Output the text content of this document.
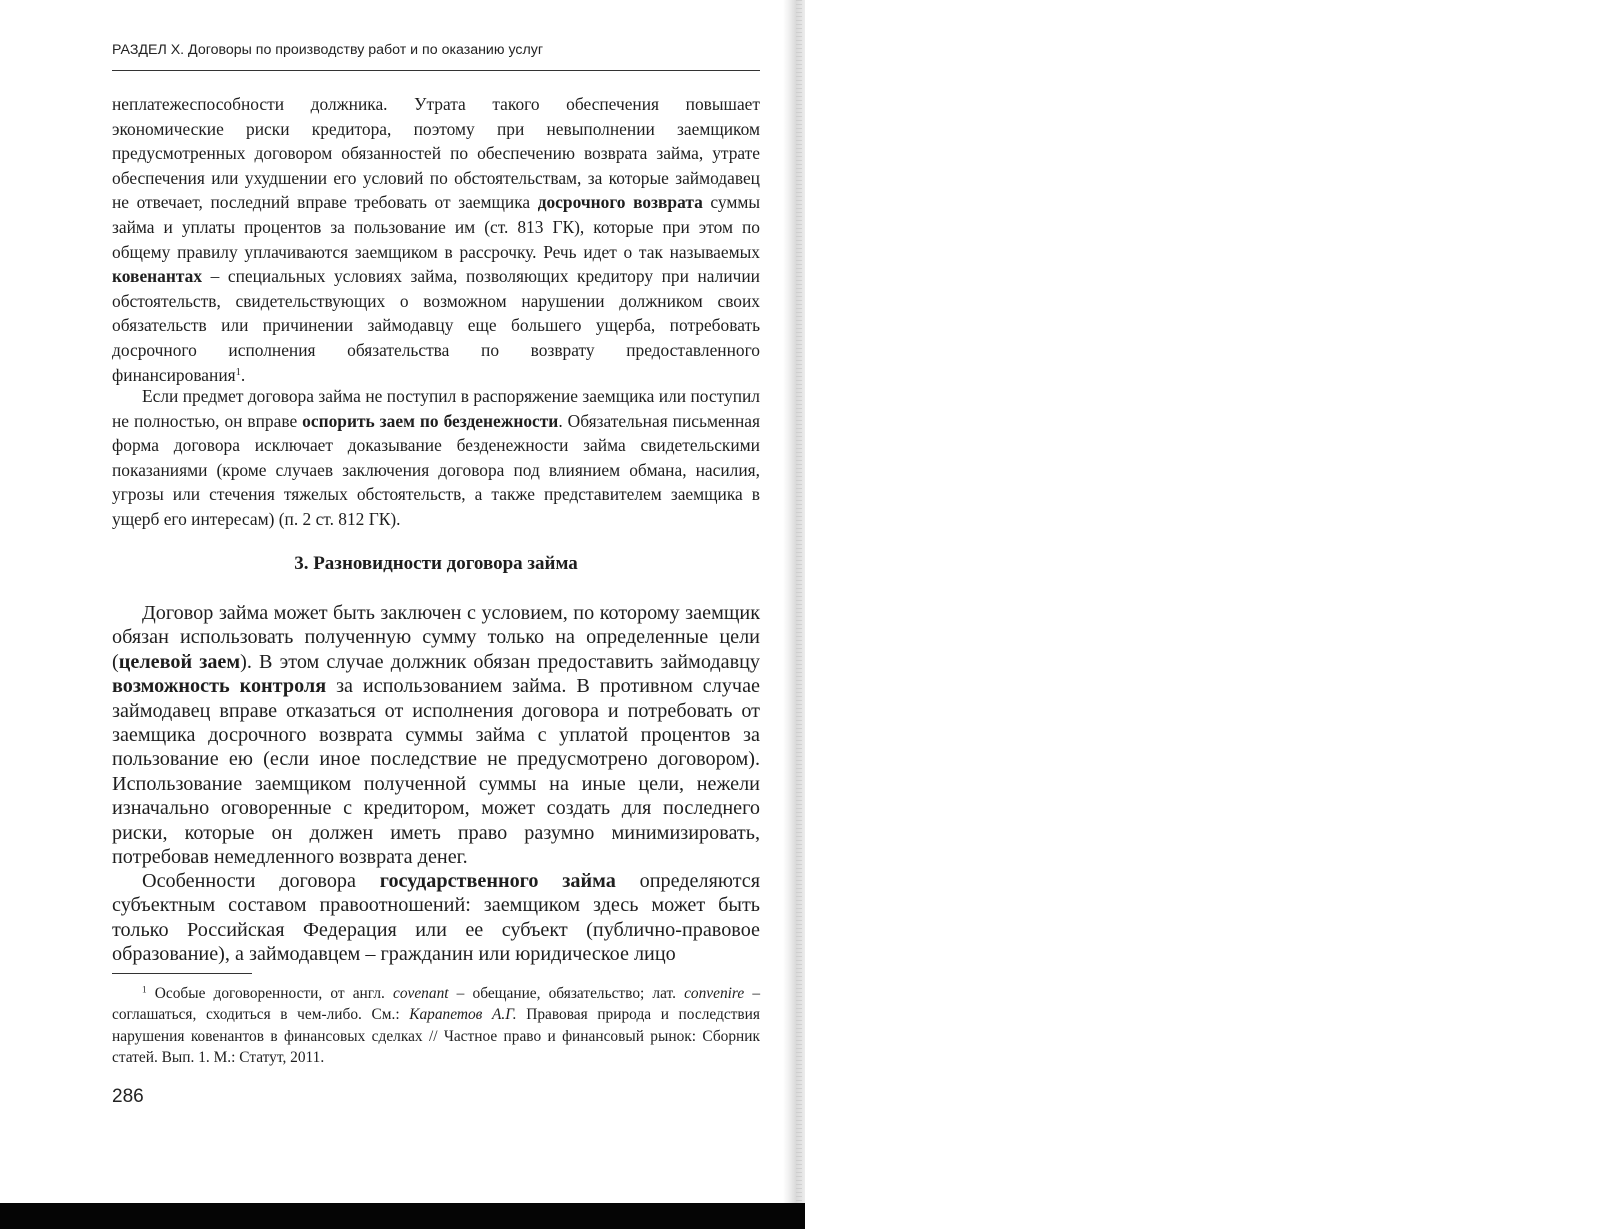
РАЗДЕЛ X. Договоры по производству работ и по оказанию услуг

неплатежеспособности должника. Утрата такого обеспечения повышает экономические риски кредитора, поэтому при невыполнении заемщиком предусмотренных договором обязанностей по обеспечению возврата займа, утрате обеспечения или ухудшении его условий по обстоятельствам, за которые займодавец не отвечает, последний вправе требовать от заемщика досрочного возврата суммы займа и уплаты процентов за пользование им (ст. 813 ГК), которые при этом по общему правилу уплачиваются заемщиком в рассрочку. Речь идет о так называемых ковенантах – специальных условиях займа, позволяющих кредитору при наличии обстоятельств, свидетельствующих о возможном нарушении должником своих обязательств или причинении займодавцу еще большего ущерба, потребовать досрочного исполнения обязательства по возврату предоставленного финансирования$^1$.

Если предмет договора займа не поступил в распоряжение заемщика или поступил не полностью, он вправе оспорить заем по безденежности. Обязательная письменная форма договора исключает доказывание безденежности займа свидетельскими показаниями (кроме случаев заключения договора под влиянием обмана, насилия, угрозы или стечения тяжелых обстоятельств, а также представителем заемщика в ущерб его интересам) (п. 2 ст. 812 ГК).

3. Разновидности договора займа

Договор займа может быть заключен с условием, по которому заемщик обязан использовать полученную сумму только на определенные цели (целевой заем). В этом случае должник обязан предоставить займодавцу возможность контроля за использованием займа. В противном случае займодавец вправе отказаться от исполнения договора и потребовать от заемщика досрочного возврата суммы займа с уплатой процентов за пользование ею (если иное последствие не предусмотрено договором). Использование заемщиком полученной суммы на иные цели, нежели изначально оговоренные с кредитором, может создать для последнего риски, которые он должен иметь право разумно минимизировать, потребовав немедленного возврата денег.

Особенности договора государственного займа определяются субъектным составом правоотношений: заемщиком здесь может быть только Российская Федерация или ее субъект (публично-правовое образование), а займодавцем – гражданин или юридическое лицо

$^1$ Особые договоренности, от англ. covenant – обещание, обязательство; лат. convenire – соглашаться, сходиться в чем-либо. См.: Карапетов А.Г. Правовая природа и последствия нарушения ковенантов в финансовых сделках // Частное право и финансовый рынок: Сборник статей. Вып. 1. М.: Статут, 2011.

286
